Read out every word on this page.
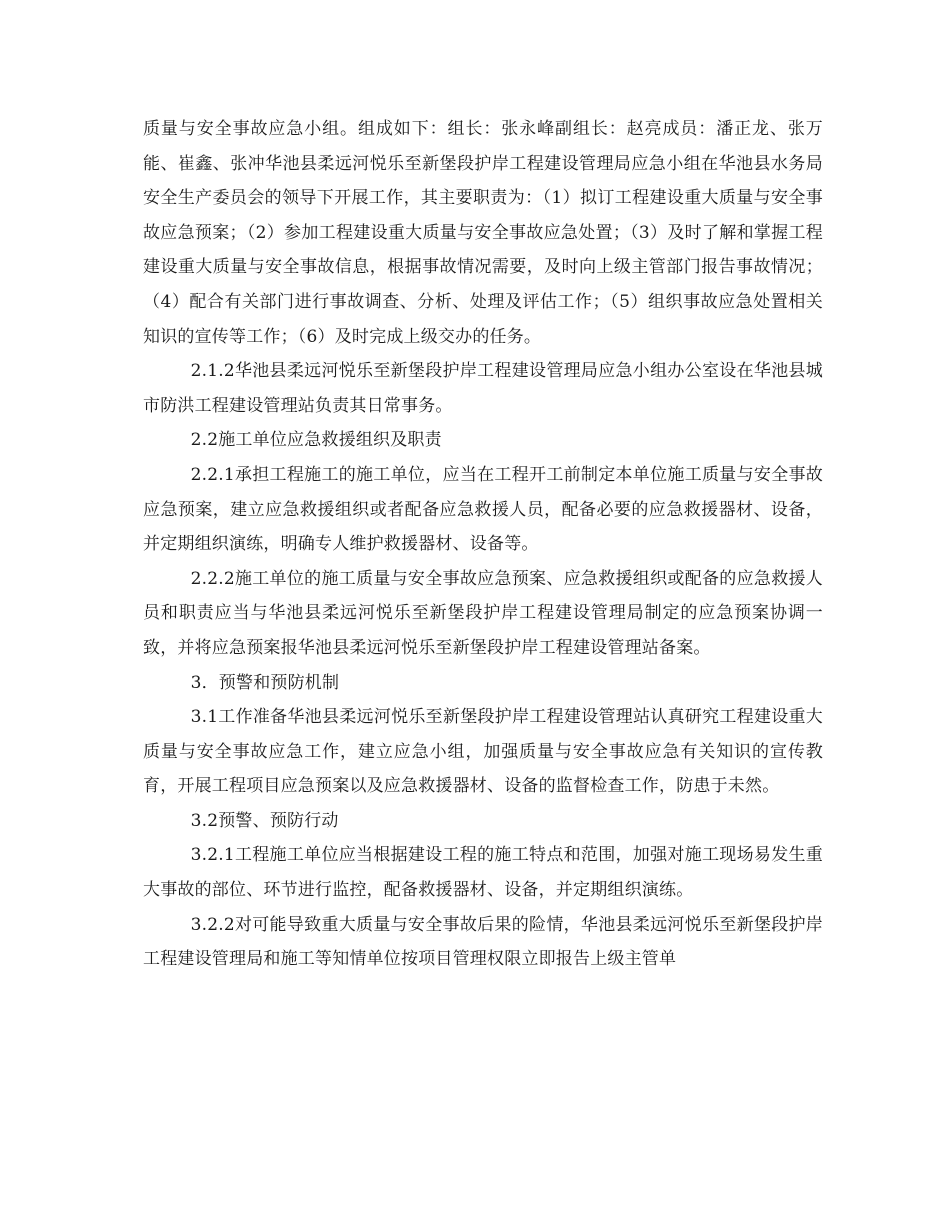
质量与安全事故应急小组。组成如下：组长：张永峰副组长：赵亮成员：潘正龙、张万能、崔鑫、张冲华池县柔远河悦乐至新堡段护岸工程建设管理局应急小组在华池县水务局安全生产委员会的领导下开展工作，其主要职责为：（1）拟订工程建设重大质量与安全事故应急预案；（2）参加工程建设重大质量与安全事故应急处置；（3）及时了解和掌握工程建设重大质量与安全事故信息，根据事故情况需要，及时向上级主管部门报告事故情况；（4）配合有关部门进行事故调查、分析、处理及评估工作；（5）组织事故应急处置相关知识的宣传等工作；（6）及时完成上级交办的任务。

2.1.2华池县柔远河悦乐至新堡段护岸工程建设管理局应急小组办公室设在华池县城市防洪工程建设管理站负责其日常事务。

2.2施工单位应急救援组织及职责

2.2.1承担工程施工的施工单位，应当在工程开工前制定本单位施工质量与安全事故应急预案，建立应急救援组织或者配备应急救援人员，配备必要的应急救援器材、设备，并定期组织演练，明确专人维护救援器材、设备等。

2.2.2施工单位的施工质量与安全事故应急预案、应急救援组织或配备的应急救援人员和职责应当与华池县柔远河悦乐至新堡段护岸工程建设管理局制定的应急预案协调一致，并将应急预案报华池县柔远河悦乐至新堡段护岸工程建设管理站备案。

3．预警和预防机制

3.1工作准备华池县柔远河悦乐至新堡段护岸工程建设管理站认真研究工程建设重大质量与安全事故应急工作，建立应急小组，加强质量与安全事故应急有关知识的宣传教育，开展工程项目应急预案以及应急救援器材、设备的监督检查工作，防患于未然。

3.2预警、预防行动

3.2.1工程施工单位应当根据建设工程的施工特点和范围，加强对施工现场易发生重大事故的部位、环节进行监控，配备救援器材、设备，并定期组织演练。

3.2.2对可能导致重大质量与安全事故后果的险情，华池县柔远河悦乐至新堡段护岸工程建设管理局和施工等知情单位按项目管理权限立即报告上级主管单
